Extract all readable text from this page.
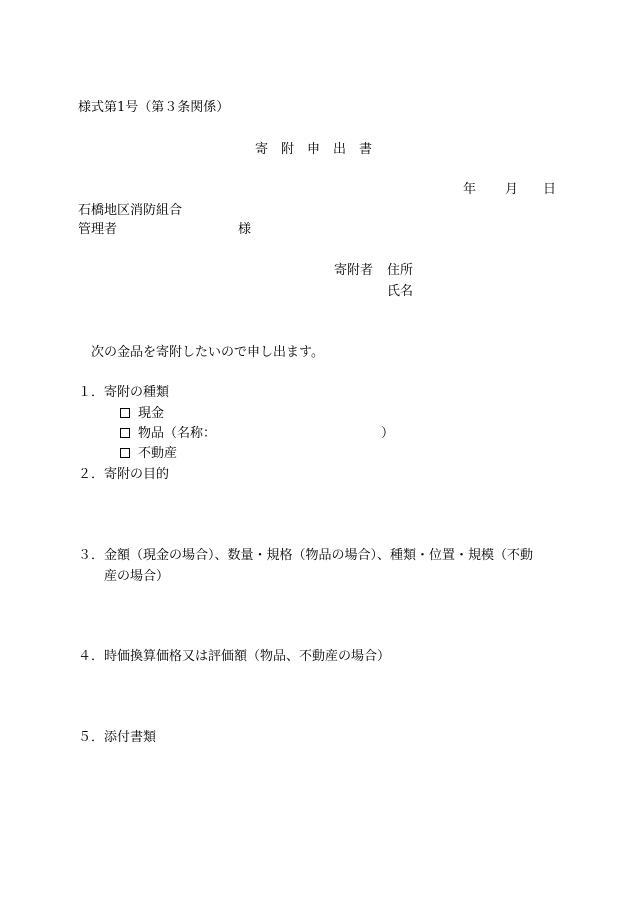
様式第1号（第３条関係）
寄　附　申　出　書
年 月 日
石橋地区消防組合
管理者	様
寄附者 住所
氏名
次の金品を寄附したいので申し出ます。
１．寄附の種類
現金
物品（名称：	）
不動産
２．寄附の目的
３．金額（現金の場合）、数量・規格（物品の場合）、種類・位置・規模（不動
産の場合）
４．時価換算価格又は評価額（物品、不動産の場合）
５．添付書類
